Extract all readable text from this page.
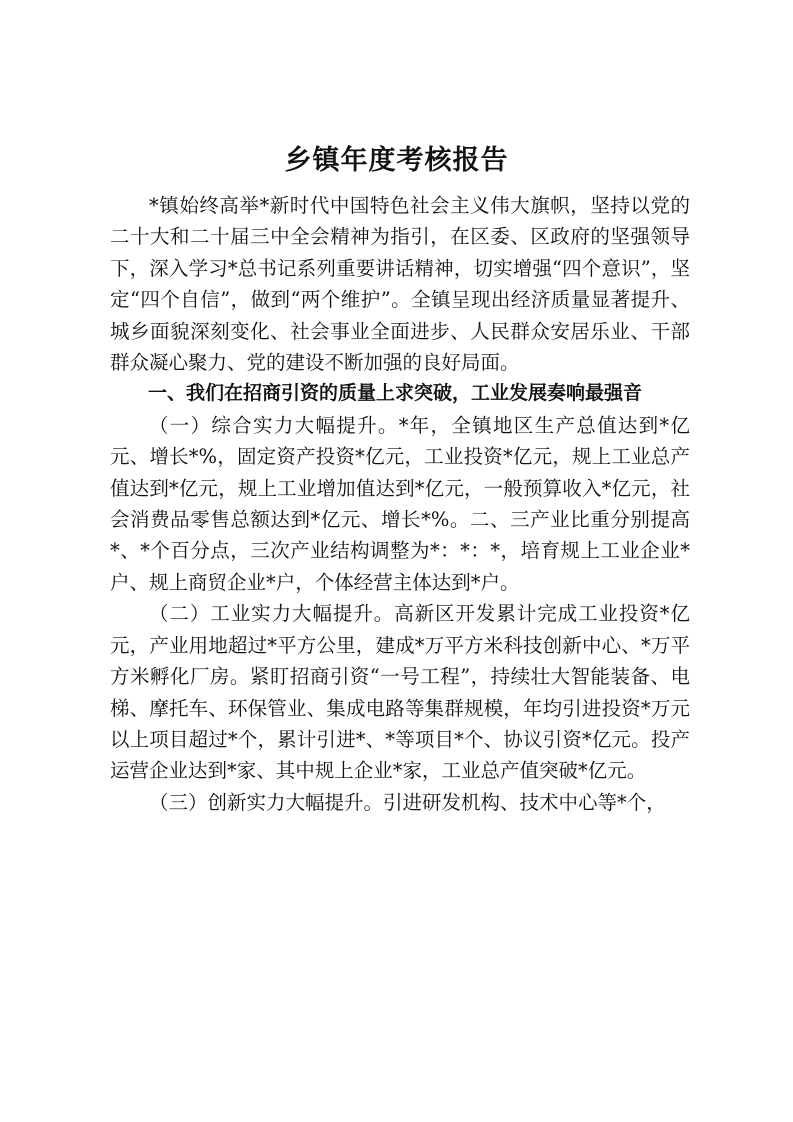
乡镇年度考核报告

*镇始终高举*新时代中国特色社会主义伟大旗帜，坚持以党的二十大和二十届三中全会精神为指引，在区委、区政府的坚强领导下，深入学习*总书记系列重要讲话精神，切实增强“四个意识”，坚定“四个自信”，做到“两个维护”。全镇呈现出经济质量显著提升、城乡面貌深刻变化、社会事业全面进步、人民群众安居乐业、干部群众凝心聚力、党的建设不断加强的良好局面。

一、我们在招商引资的质量上求突破，工业发展奏响最强音

（一）综合实力大幅提升。*年，全镇地区生产总值达到*亿元、增长*%，固定资产投资*亿元，工业投资*亿元，规上工业总产值达到*亿元，规上工业增加值达到*亿元，一般预算收入*亿元，社会消费品零售总额达到*亿元、增长*%。二、三产业比重分别提高*、*个百分点，三次产业结构调整为*：*：*，培育规上工业企业*户、规上商贸企业*户，个体经营主体达到*户。

（二）工业实力大幅提升。高新区开发累计完成工业投资*亿元，产业用地超过*平方公里，建成*万平方米科技创新中心、*万平方米孵化厂房。紧盯招商引资“一号工程”，持续壮大智能装备、电梯、摩托车、环保管业、集成电路等集群规模，年均引进投资*万元以上项目超过*个，累计引进*、*等项目*个、协议引资*亿元。投产运营企业达到*家、其中规上企业*家，工业总产值突破*亿元。

（三）创新实力大幅提升。引进研发机构、技术中心等*个，
